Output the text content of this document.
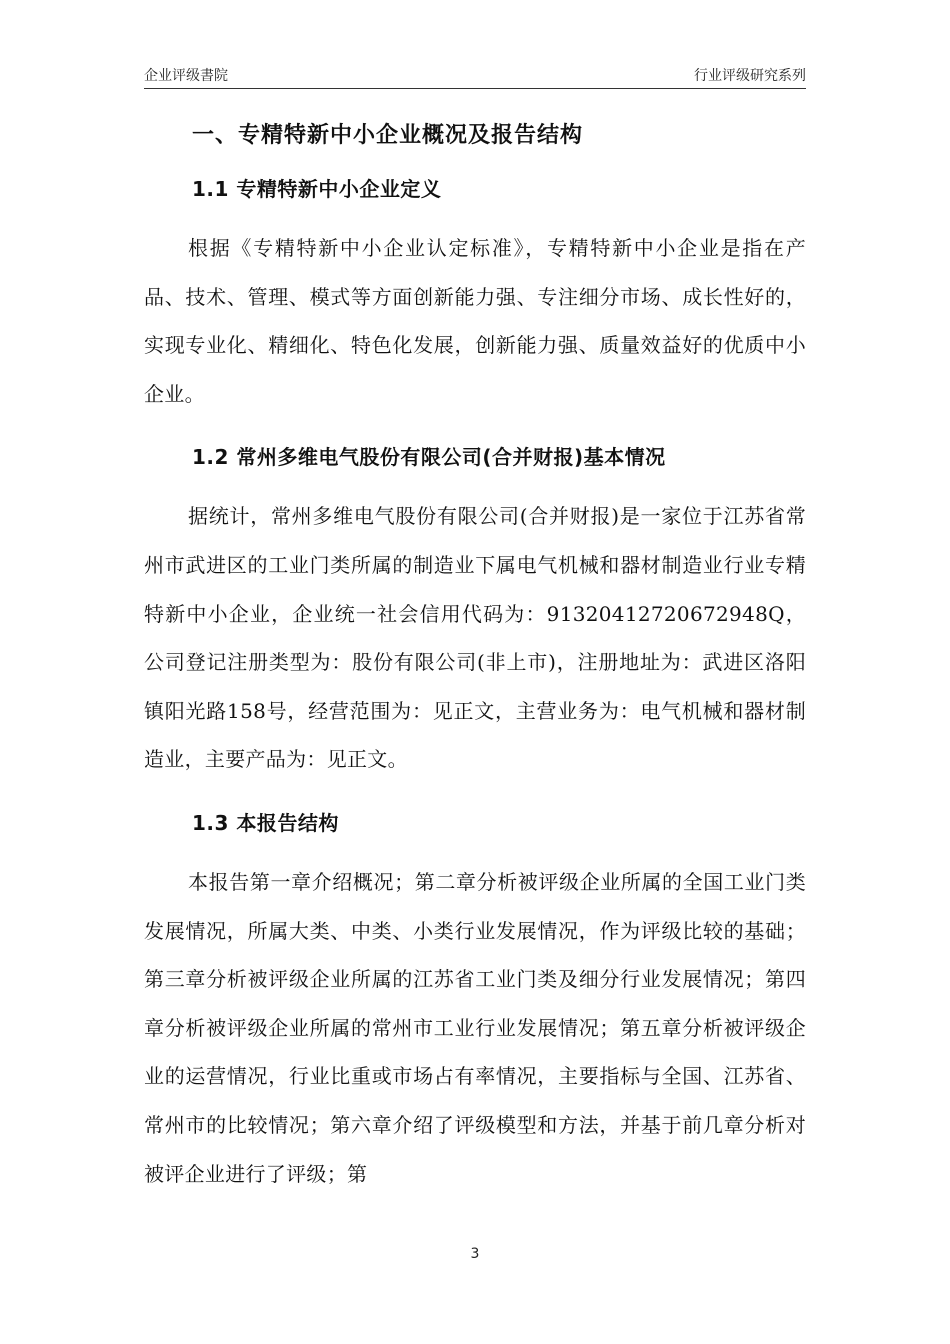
企业评级書院	行业评级研究系列
一、专精特新中小企业概况及报告结构
1.1 专精特新中小企业定义

根据《专精特新中小企业认定标准》，专精特新中小企业是指在产品、技术、管理、模式等方面创新能力强、专注细分市场、成长性好的，实现专业化、精细化、特色化发展，创新能力强、质量效益好的优质中小企业。

1.2 常州多维电气股份有限公司(合并财报)基本情况

据统计，常州多维电气股份有限公司(合并财报)是一家位于江苏省常州市武进区的工业门类所属的制造业下属电气机械和器材制造业行业专精特新中小企业，企业统一社会信用代码为：91320412720672948Q，公司登记注册类型为：股份有限公司(非上市)，注册地址为：武进区洛阳镇阳光路158号，经营范围为：见正文，主营业务为：电气机械和器材制造业，主要产品为：见正文。

1.3 本报告结构

本报告第一章介绍概况；第二章分析被评级企业所属的全国工业门类发展情况，所属大类、中类、小类行业发展情况，作为评级比较的基础；第三章分析被评级企业所属的江苏省工业门类及细分行业发展情况；第四章分析被评级企业所属的常州市工业行业发展情况；第五章分析被评级企业的运营情况，行业比重或市场占有率情况，主要指标与全国、江苏省、常州市的比较情况；第六章介绍了评级模型和方法，并基于前几章分析对被评企业进行了评级；第

3
